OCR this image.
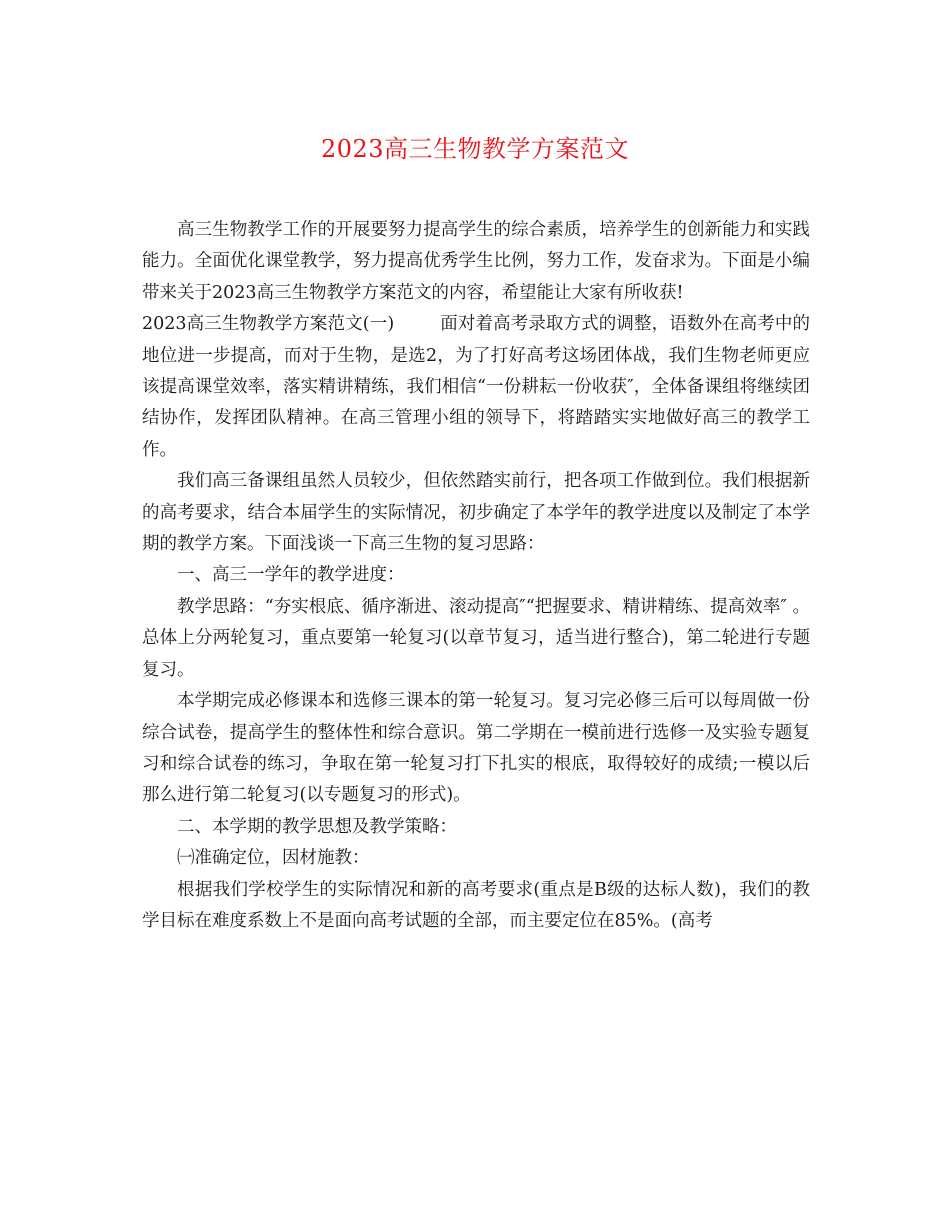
2023高三生物教学方案范文

高三生物教学工作的开展要努力提高学生的综合素质，培养学生的创新能力和实践能力。全面优化课堂教学，努力提高优秀学生比例，努力工作，发奋求为。下面是小编带来关于2023高三生物教学方案范文的内容，希望能让大家有所收获!

2023高三生物教学方案范文(一)	面对着高考录取方式的调整，语数外在高考中的地位进一步提高，而对于生物，是选2，为了打好高考这场团体战，我们生物老师更应该提高课堂效率，落实精讲精练，我们相信“一份耕耘一份收获″，全体备课组将继续团结协作，发挥团队精神。在高三管理小组的领导下，将踏踏实实地做好高三的教学工作。

我们高三备课组虽然人员较少，但依然踏实前行，把各项工作做到位。我们根据新的高考要求，结合本届学生的实际情况，初步确定了本学年的教学进度以及制定了本学期的教学方案。下面浅谈一下高三生物的复习思路：

一、高三一学年的教学进度：

教学思路：“夯实根底、循序渐进、滚动提高″“把握要求、精讲精练、提高效率″ 。总体上分两轮复习，重点要第一轮复习(以章节复习，适当进行整合)，第二轮进行专题复习。

本学期完成必修课本和选修三课本的第一轮复习。复习完必修三后可以每周做一份综合试卷，提高学生的整体性和综合意识。第二学期在一模前进行选修一及实验专题复习和综合试卷的练习，争取在第一轮复习打下扎实的根底，取得较好的成绩;一模以后那么进行第二轮复习(以专题复习的形式)。

二、本学期的教学思想及教学策略：

㈠准确定位，因材施教：

根据我们学校学生的实际情况和新的高考要求(重点是B级的达标人数)，我们的教学目标在难度系数上不是面向高考试题的全部，而主要定位在85%。(高考
